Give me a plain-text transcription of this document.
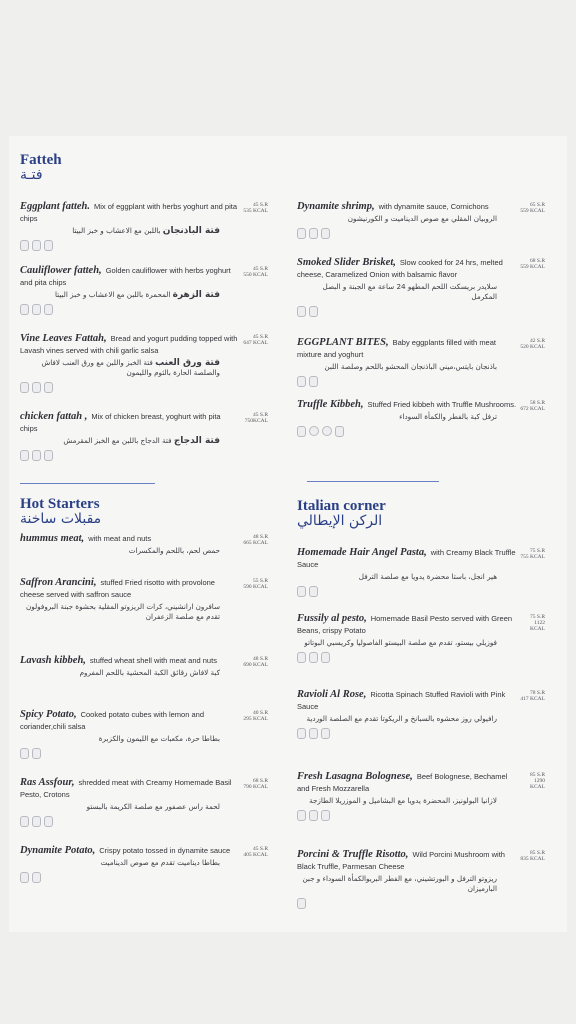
Fatteh
فتـة
Eggplant fatteh. Mix of eggplant with herbs yoghurt and pita chips
فتة الباذنجان باللبن مع الاعشاب و خبز البيتا
45 S.R
535 KCAL
Cauliflower fatteh, Golden cauliflower with herbs yoghurt and pita chips
فتة الزهرة المحمرة باللبن مع الاعشاب و خبز البيتا
45 S.R
550 KCAL
Vine Leaves Fattah, Bread and yogurt pudding topped with Lavash vines served with chili garlic salsa
فتة ورق العنب فتة الخبز واللبن مع ورق العنب لافاش والصلصة الحارة بالثوم والليمون
45 S.R
647 KCAL
chicken fattah , Mix of chicken breast, yoghurt with pita chips
فتة الدجاج فتة الدجاج باللبن مع الخبز المقرمش
45 S.R
750KCAL
Hot Starters
مقبلات ساخنة
hummus meat, with meat and nuts
حمص لحم، باللحم والمكسرات
48 S.R
665 KCAL
Saffron Arancini, stuffed Fried risotto with provolone cheese served with saffron sauce
سافرون ارانشيني، كرات الريزوتو المقلية بحشوة جبنة البروفولون تقدم مع صلصة الزعفران
55 S.R
590 KCAL
Lavash kibbeh, stuffed wheat shell with meat and nuts
كبة لافاش رقائق الكبة المحشية باللحم المفروم
48 S.R
690 KCAL
Spicy Potato, Cooked potato cubes with lemon and coriander,chili salsa
بطاطا حرة، مكعبات مع الليمون والكزبرة
40 S.R
295 KCAL
Ras Assfour, shredded meat with Creamy Homemade Basil Pesto, Crotons
لحمة راس عصفور مع صلصة الكريمة بالبستو
68 S.R
790 KCAL
Dynamite Potato, Crispy potato tossed in dynamite sauce
بطاطا ديناميت تقدم مع صوص الديناميت
45 S.R
405 KCAL
Dynamite shrimp, with dynamite sauce, Cornichons
الروبيان المقلي مع صوص الديناميت و الكورنيشون
65 S.R
559 KCAL
Smoked Slider Brisket, Slow cooked for 24 hrs, melted cheese, Caramelized Onion with balsamic flavor
سلايدر بريسكت اللحم المطهو 24 ساعة مع الجبنة و البصل المكرمل
68 S.R
559 KCAL
EGGPLANT BITES, Baby eggplants filled with meat mixture and yoghurt
باذنجان بايتس،ميني الباذنجان المحشو باللحم وصلصة اللبن
42 S.R
520 KCAL
Truffle Kibbeh, Stuffed Fried kibbeh with Truffle Mushrooms.
ترفل كبة بالفطر والكمأة السوداء
58 S.R
672 KCAL
Italian corner
الركن الإيطالي
Homemade Hair Angel Pasta, with Creamy Black Truffle Sauce
هير انجل، باستا محضرة يدويا مع صلصة الترفل
75 S.R
755 KCAL
Fussily al pesto, Homemade Basil Pesto served with Green Beans, crispy Potato
فوزيلي بيستو، تقدم مع صلصة البيستو الفاصوليا وكريسبي البوتاتو
75 S.R
1122 KCAL
Ravioli Al Rose, Ricotta Spinach Stuffed Ravioli with Pink Sauce
رافيولي روز محشوه بالسبانخ و الريكوتا تقدم مع الصلصة الوردية
78 S.R
417 KCAL
Fresh Lasagna Bolognese, Beef Bolognese, Bechamel and Fresh Mozzarella
لازانيا البولونيز، المحضرة يدويا مع البشاميل و الموزريلا الطازجة
85 S.R
1290 KCAL
Porcini & Truffle Risotto, Wild Porcini Mushroom with Black Truffle, Parmesan Cheese
ريزوتو الترفل و البورتشيني، مع الفطر البريوالكمأة السوداء و جبن البارميزان
85 S.R
835 KCAL
